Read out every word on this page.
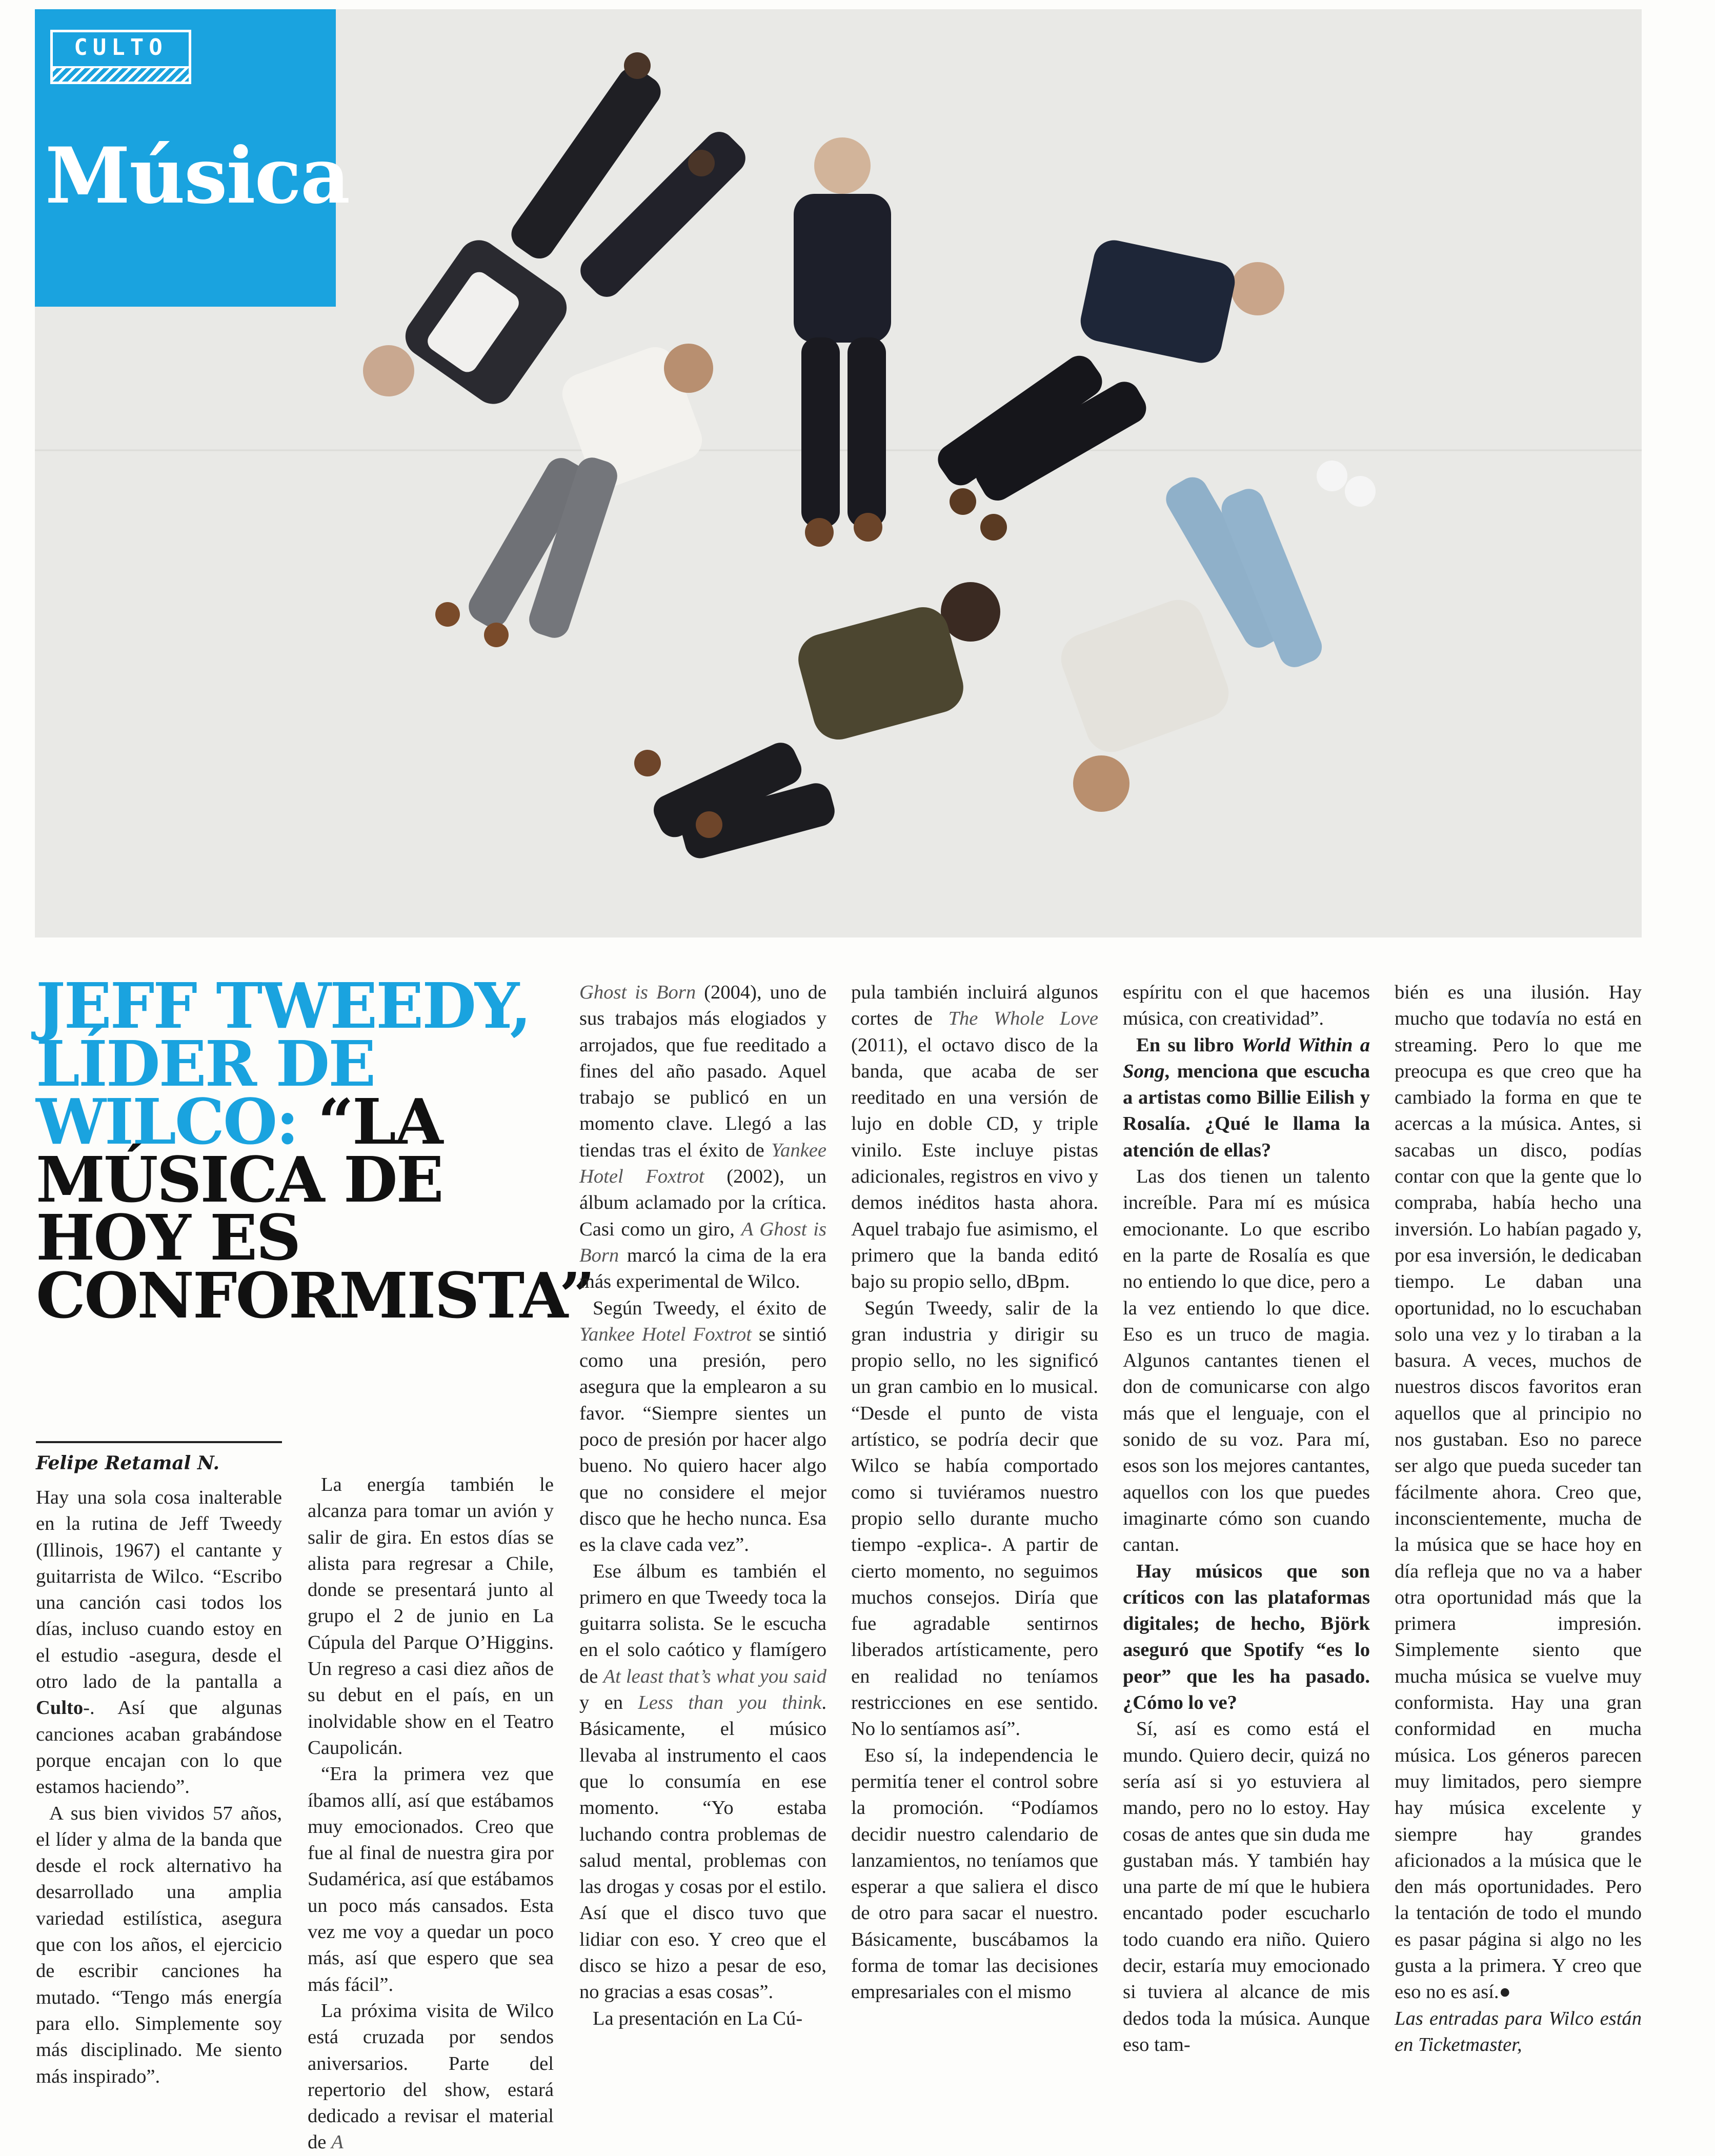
CULTO
Música
JEFF TWEEDY, LÍDER DE WILCO: “LA MÚSICA DE HOY ES CONFORMISTA”
Felipe Retamal N.

Hay una sola cosa inalterable en la rutina de Jeff Tweedy (Illinois, 1967) el cantante y guitarrista de Wilco. “Escribo una canción casi todos los días, incluso cuando estoy en el estudio -asegura, desde el otro lado de la pantalla a Culto-. Así que algunas canciones acaban grabándose porque encajan con lo que estamos haciendo”.

A sus bien vividos 57 años, el líder y alma de la banda que desde el rock alternativo ha desarrollado una amplia variedad estilística, asegura que con los años, el ejercicio de escribir canciones ha mutado. “Tengo más energía para ello. Simplemente soy más disciplinado. Me siento más inspirado”.

La energía también le alcanza para tomar un avión y salir de gira. En estos días se alista para regresar a Chile, donde se presentará junto al grupo el 2 de junio en La Cúpula del Parque O’Higgins. Un regreso a casi diez años de su debut en el país, en un inolvidable show en el Teatro Caupolicán.

“Era la primera vez que íbamos allí, así que estábamos muy emocionados. Creo que fue al final de nuestra gira por Sudamérica, así que estábamos un poco más cansados. Esta vez me voy a quedar un poco más, así que espero que sea más fácil”.

La próxima visita de Wilco está cruzada por sendos aniversarios. Parte del repertorio del show, estará dedicado a revisar el material de A

Ghost is Born (2004), uno de sus trabajos más elogiados y arrojados, que fue reeditado a fines del año pasado. Aquel trabajo se publicó en un momento clave. Llegó a las tiendas tras el éxito de Yankee Hotel Foxtrot (2002), un álbum aclamado por la crítica. Casi como un giro, A Ghost is Born marcó la cima de la era más experimental de Wilco.

Según Tweedy, el éxito de Yankee Hotel Foxtrot se sintió como una presión, pero asegura que la emplearon a su favor. “Siempre sientes un poco de presión por hacer algo bueno. No quiero hacer algo que no considere el mejor disco que he hecho nunca. Esa es la clave cada vez”.

Ese álbum es también el primero en que Tweedy toca la guitarra solista. Se le escucha en el solo caótico y flamígero de At least that’s what you said y en Less than you think. Básicamente, el músico llevaba al instrumento el caos que lo consumía en ese momento. “Yo estaba luchando contra problemas de salud mental, problemas con las drogas y cosas por el estilo. Así que el disco tuvo que lidiar con eso. Y creo que el disco se hizo a pesar de eso, no gracias a esas cosas”.

La presentación en La Cú-

pula también incluirá algunos cortes de The Whole Love (2011), el octavo disco de la banda, que acaba de ser reeditado en una versión de lujo en doble CD, y triple vinilo. Este incluye pistas adicionales, registros en vivo y demos inéditos hasta ahora. Aquel trabajo fue asimismo, el primero que la banda editó bajo su propio sello, dBpm.

Según Tweedy, salir de la gran industria y dirigir su propio sello, no les significó un gran cambio en lo musical. “Desde el punto de vista artístico, se podría decir que Wilco se había comportado como si tuviéramos nuestro propio sello durante mucho tiempo -explica-. A partir de cierto momento, no seguimos muchos consejos. Diría que fue agradable sentirnos liberados artísticamente, pero en realidad no teníamos restricciones en ese sentido. No lo sentíamos así”.

Eso sí, la independencia le permitía tener el control sobre la promoción. “Podíamos decidir nuestro calendario de lanzamientos, no teníamos que esperar a que saliera el disco de otro para sacar el nuestro. Básicamente, buscábamos la forma de tomar las decisiones empresariales con el mismo

espíritu con el que hacemos música, con creatividad”.

En su libro World Within a Song, menciona que escucha a artistas como Billie Eilish y Rosalía. ¿Qué le llama la atención de ellas?

Las dos tienen un talento increíble. Para mí es música emocionante. Lo que escribo en la parte de Rosalía es que no entiendo lo que dice, pero a la vez entiendo lo que dice. Eso es un truco de magia. Algunos cantantes tienen el don de comunicarse con algo más que el lenguaje, con el sonido de su voz. Para mí, esos son los mejores cantantes, aquellos con los que puedes imaginarte cómo son cuando cantan.

Hay músicos que son críticos con las plataformas digitales; de hecho, Björk aseguró que Spotify “es lo peor” que les ha pasado. ¿Cómo lo ve?

Sí, así es como está el mundo. Quiero decir, quizá no sería así si yo estuviera al mando, pero no lo estoy. Hay cosas de antes que sin duda me gustaban más. Y también hay una parte de mí que le hubiera encantado poder escucharlo todo cuando era niño. Quiero decir, estaría muy emocionado si tuviera al alcance de mis dedos toda la música. Aunque eso tam-

bién es una ilusión. Hay mucho que todavía no está en streaming. Pero lo que me preocupa es que creo que ha cambiado la forma en que te acercas a la música. Antes, si sacabas un disco, podías contar con que la gente que lo compraba, había hecho una inversión. Lo habían pagado y, por esa inversión, le dedicaban tiempo. Le daban una oportunidad, no lo escuchaban solo una vez y lo tiraban a la basura. A veces, muchos de nuestros discos favoritos eran aquellos que al principio no nos gustaban. Eso no parece ser algo que pueda suceder tan fácilmente ahora. Creo que, inconscientemente, mucha de la música que se hace hoy en día refleja que no va a haber otra oportunidad más que la primera impresión. Simplemente siento que mucha música se vuelve muy conformista. Hay una gran conformidad en mucha música. Los géneros parecen muy limitados, pero siempre hay música excelente y siempre hay grandes aficionados a la música que le den más oportunidades. Pero la tentación de todo el mundo es pasar página si algo no les gusta a la primera. Y creo que eso no es así.●

Las entradas para Wilco están en Ticketmaster,
